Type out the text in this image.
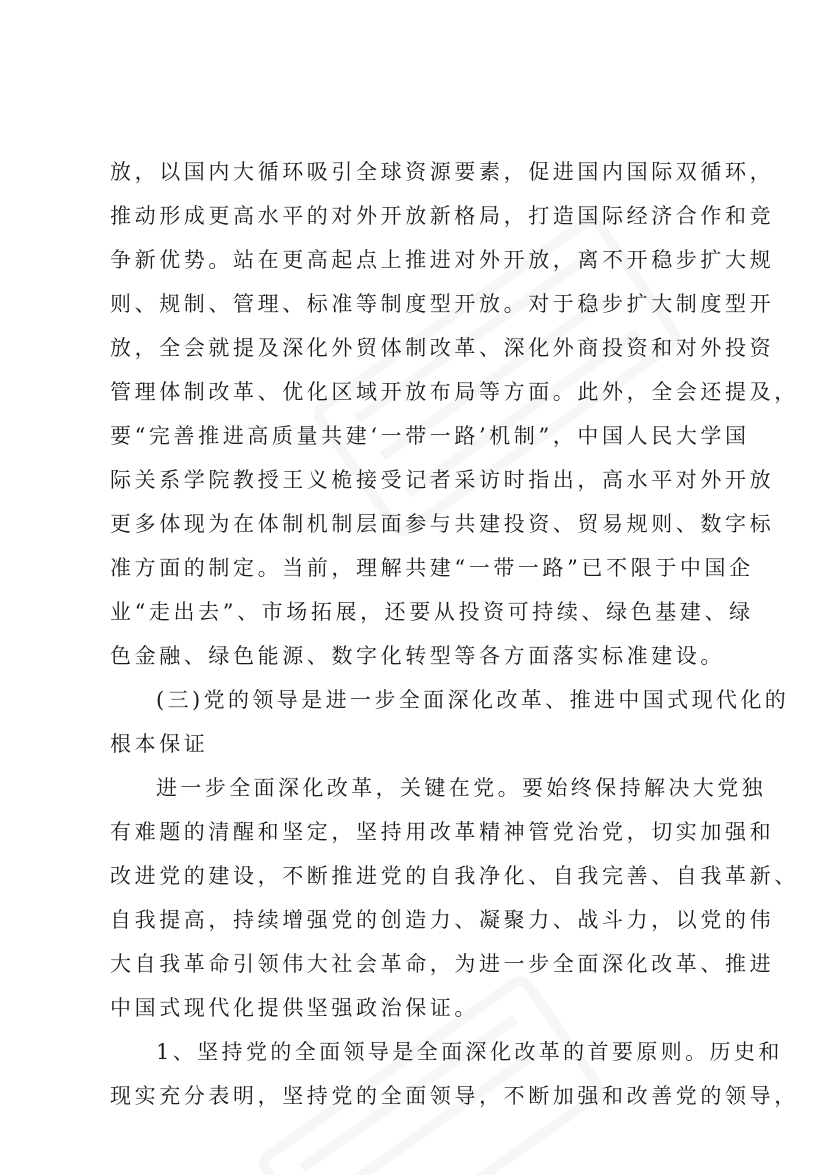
放，以国内大循环吸引全球资源要素，促进国内国际双循环，
推动形成更高水平的对外开放新格局，打造国际经济合作和竞
争新优势。站在更高起点上推进对外开放，离不开稳步扩大规
则、规制、管理、标准等制度型开放。对于稳步扩大制度型开
放，全会就提及深化外贸体制改革、深化外商投资和对外投资
管理体制改革、优化区域开放布局等方面。此外，全会还提及，
要“完善推进高质量共建‘一带一路’机制”，中国人民大学国
际关系学院教授王义桅接受记者采访时指出，高水平对外开放
更多体现为在体制机制层面参与共建投资、贸易规则、数字标
准方面的制定。当前，理解共建“一带一路”已不限于中国企
业“走出去”、市场拓展，还要从投资可持续、绿色基建、绿
色金融、绿色能源、数字化转型等各方面落实标准建设。
(三)党的领导是进一步全面深化改革、推进中国式现代化的
根本保证
进一步全面深化改革，关键在党。要始终保持解决大党独
有难题的清醒和坚定，坚持用改革精神管党治党，切实加强和
改进党的建设，不断推进党的自我净化、自我完善、自我革新、
自我提高，持续增强党的创造力、凝聚力、战斗力，以党的伟
大自我革命引领伟大社会革命，为进一步全面深化改革、推进
中国式现代化提供坚强政治保证。
1、坚持党的全面领导是全面深化改革的首要原则。历史和
现实充分表明，坚持党的全面领导，不断加强和改善党的领导，
